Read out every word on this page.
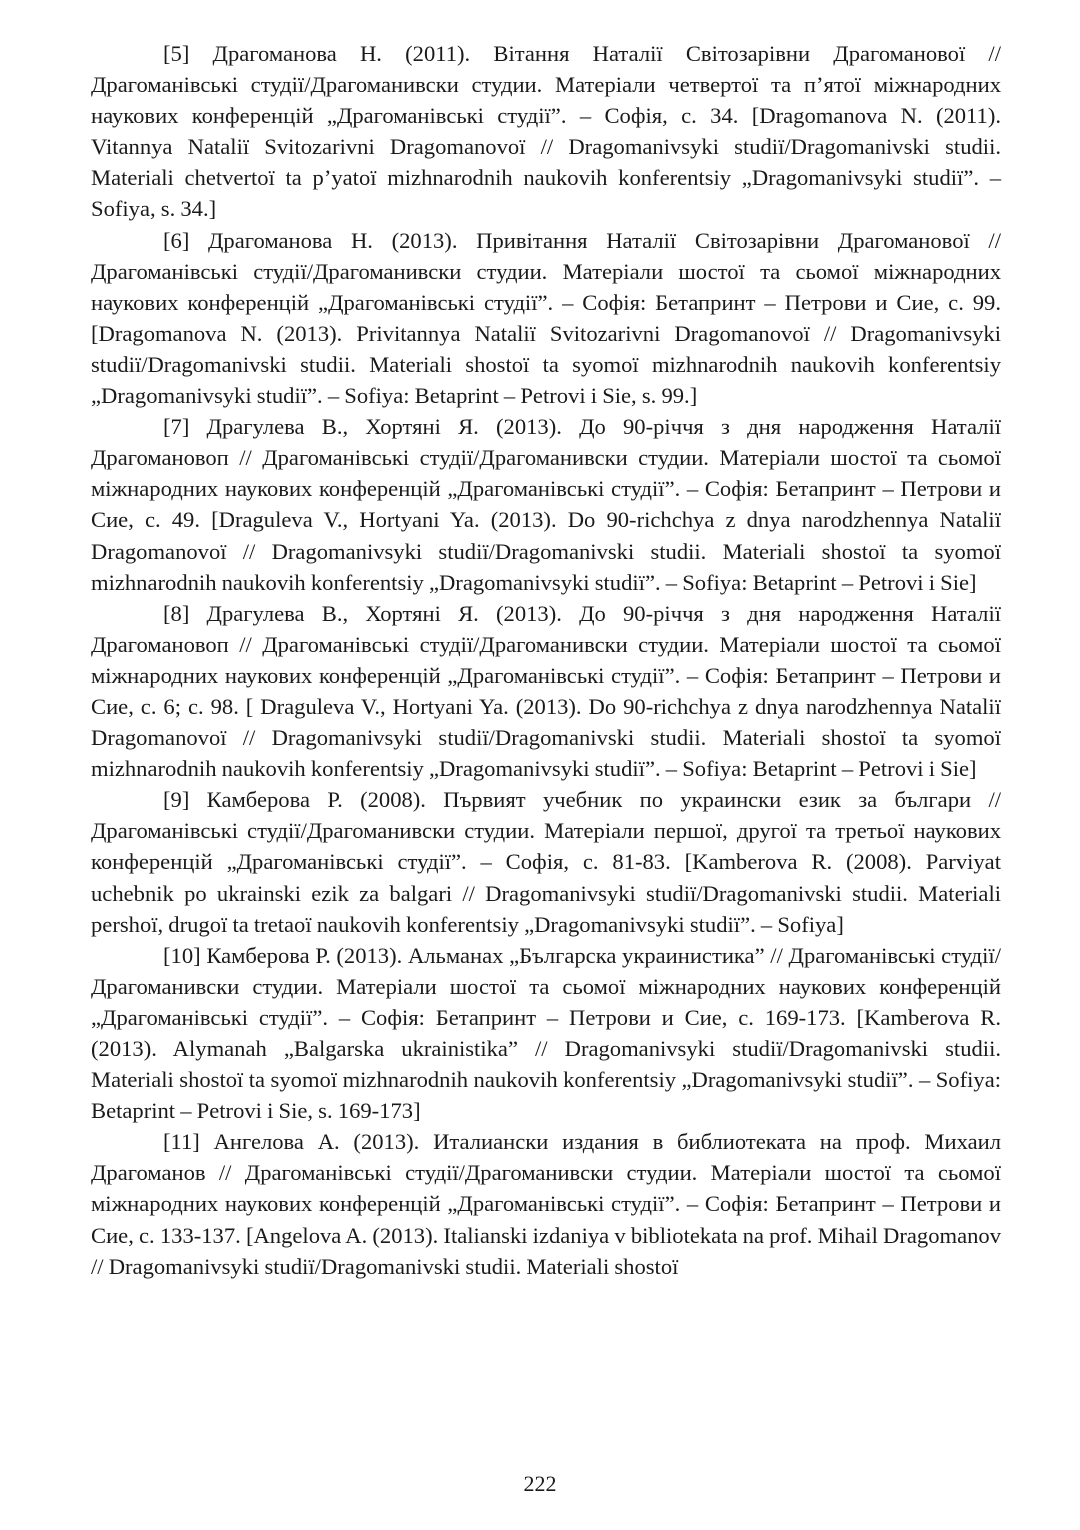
[5] Драгоманова Н. (2011). Вітання Наталії Світозарівни Драгоманової // Драгоманівські студії/Драгоманивски студии. Матеріали четвертої та п’ятої міжнародних наукових конференцій „Драгоманівські студії”. – Софія, с. 34. [Dragomanova N. (2011). Vitannya Natalії Svitozarivni Dragomanovoї // Dragomanivsyki studiї/Dragomanivski studii. Materiali chetvertoї ta p’yatoї mizhnarodnih naukovih konferentsiy „Dragomanivsyki studiї”. – Sofiya, s. 34.]

[6] Драгоманова Н. (2013). Привітання Наталії Світозарівни Драгоманової // Драгоманівські студії/Драгоманивски студии. Матеріали шостої та сьомої міжнародних наукових конференцій „Драгоманівські студії”. – Софія: Бетапринт – Петрови и Сие, с. 99. [Dragomanova N. (2013). Privitannya Natalії Svitozarivni Dragomanovoї // Dragomanivsyki studiї/Dragomanivski studii. Materiali shostoї ta syomoї mizhnarodnih naukovih konferentsiy „Dragomanivsyki studiї”. – Sofiya: Betaprint – Petrovi i Sie, s. 99.]

[7] Драгулева В., Хортяні Я. (2013). До 90-річчя з дня народження Наталії Драгомановоп // Драгоманівські студії/Драгоманивски студии. Матеріали шостої та сьомої міжнародних наукових конференцій „Драгоманівські студії”. – Софія: Бетапринт – Петрови и Сие, с. 49. [Draguleva V., Hortyani Ya. (2013). Do 90-richchya z dnya narodzhennya Natalії Dragomanovoї // Dragomanivsyki studiї/Dragomanivski studii. Materiali shostoї ta syomoї mizhnarodnih naukovih konferentsiy „Dragomanivsyki studiї”. – Sofiya: Betaprint – Petrovi i Sie]

[8] Драгулева В., Хортяні Я. (2013). До 90-річчя з дня народження Наталії Драгомановоп // Драгоманівські студії/Драгоманивски студии. Матеріали шостої та сьомої міжнародних наукових конференцій „Драгоманівські студії”. – Софія: Бетапринт – Петрови и Сие, с. 6; с. 98. [ Draguleva V., Hortyani Ya. (2013). Do 90-richchya z dnya narodzhennya Natalії Dragomanovoї // Dragomanivsyki studiї/Dragomanivski studii. Materiali shostoї ta syomoї mizhnarodnih naukovih konferentsiy „Dragomanivsyki studiї”. – Sofiya: Betaprint – Petrovi i Sie]

[9] Камберова Р. (2008). Първият учебник по украински език за българи // Драгоманівські студії/Драгоманивски студии. Матеріали першої, другої та третьої наукових конференцій „Драгоманівські студії”. – Софія, с. 81-83. [Kamberova R. (2008). Parviyat uchebnik po ukrainski ezik za balgari // Dragomanivsyki studiї/Dragomanivski studii. Materiali pershoї, drugoї ta tretaoї naukovih konferentsiy „Dragomanivsyki studiї”. – Sofiya]

[10] Камберова Р. (2013). Альманах „Българска украинистика” // Драгоманівські студії/Драгоманивски студии. Матеріали шостої та сьомої міжнародних наукових конференцій „Драгоманівські студії”. – Софія: Бетапринт – Петрови и Сие, с. 169-173. [Kamberova R. (2013). Alymanah „Balgarska ukrainistika” // Dragomanivsyki studiї/Dragomanivski studii. Materiali shostoї ta syomoї mizhnarodnih naukovih konferentsiy „Dragomanivsyki studiї”. – Sofiya: Betaprint – Petrovi i Sie, s. 169-173]

[11] Ангелова А. (2013). Италиански издания в библиотеката на проф. Михаил Драгоманов // Драгоманівські студії/Драгоманивски студии. Матеріали шостої та сьомої міжнародних наукових конференцій „Драгоманівські студії”. – Софія: Бетапринт – Петрови и Сие, с. 133-137. [Angelova A. (2013). Italianski izdaniya v bibliotekata na prof. Mihail Dragomanov // Dragomanivsyki studiї/Dragomanivski studii. Materiali shostoї

222
